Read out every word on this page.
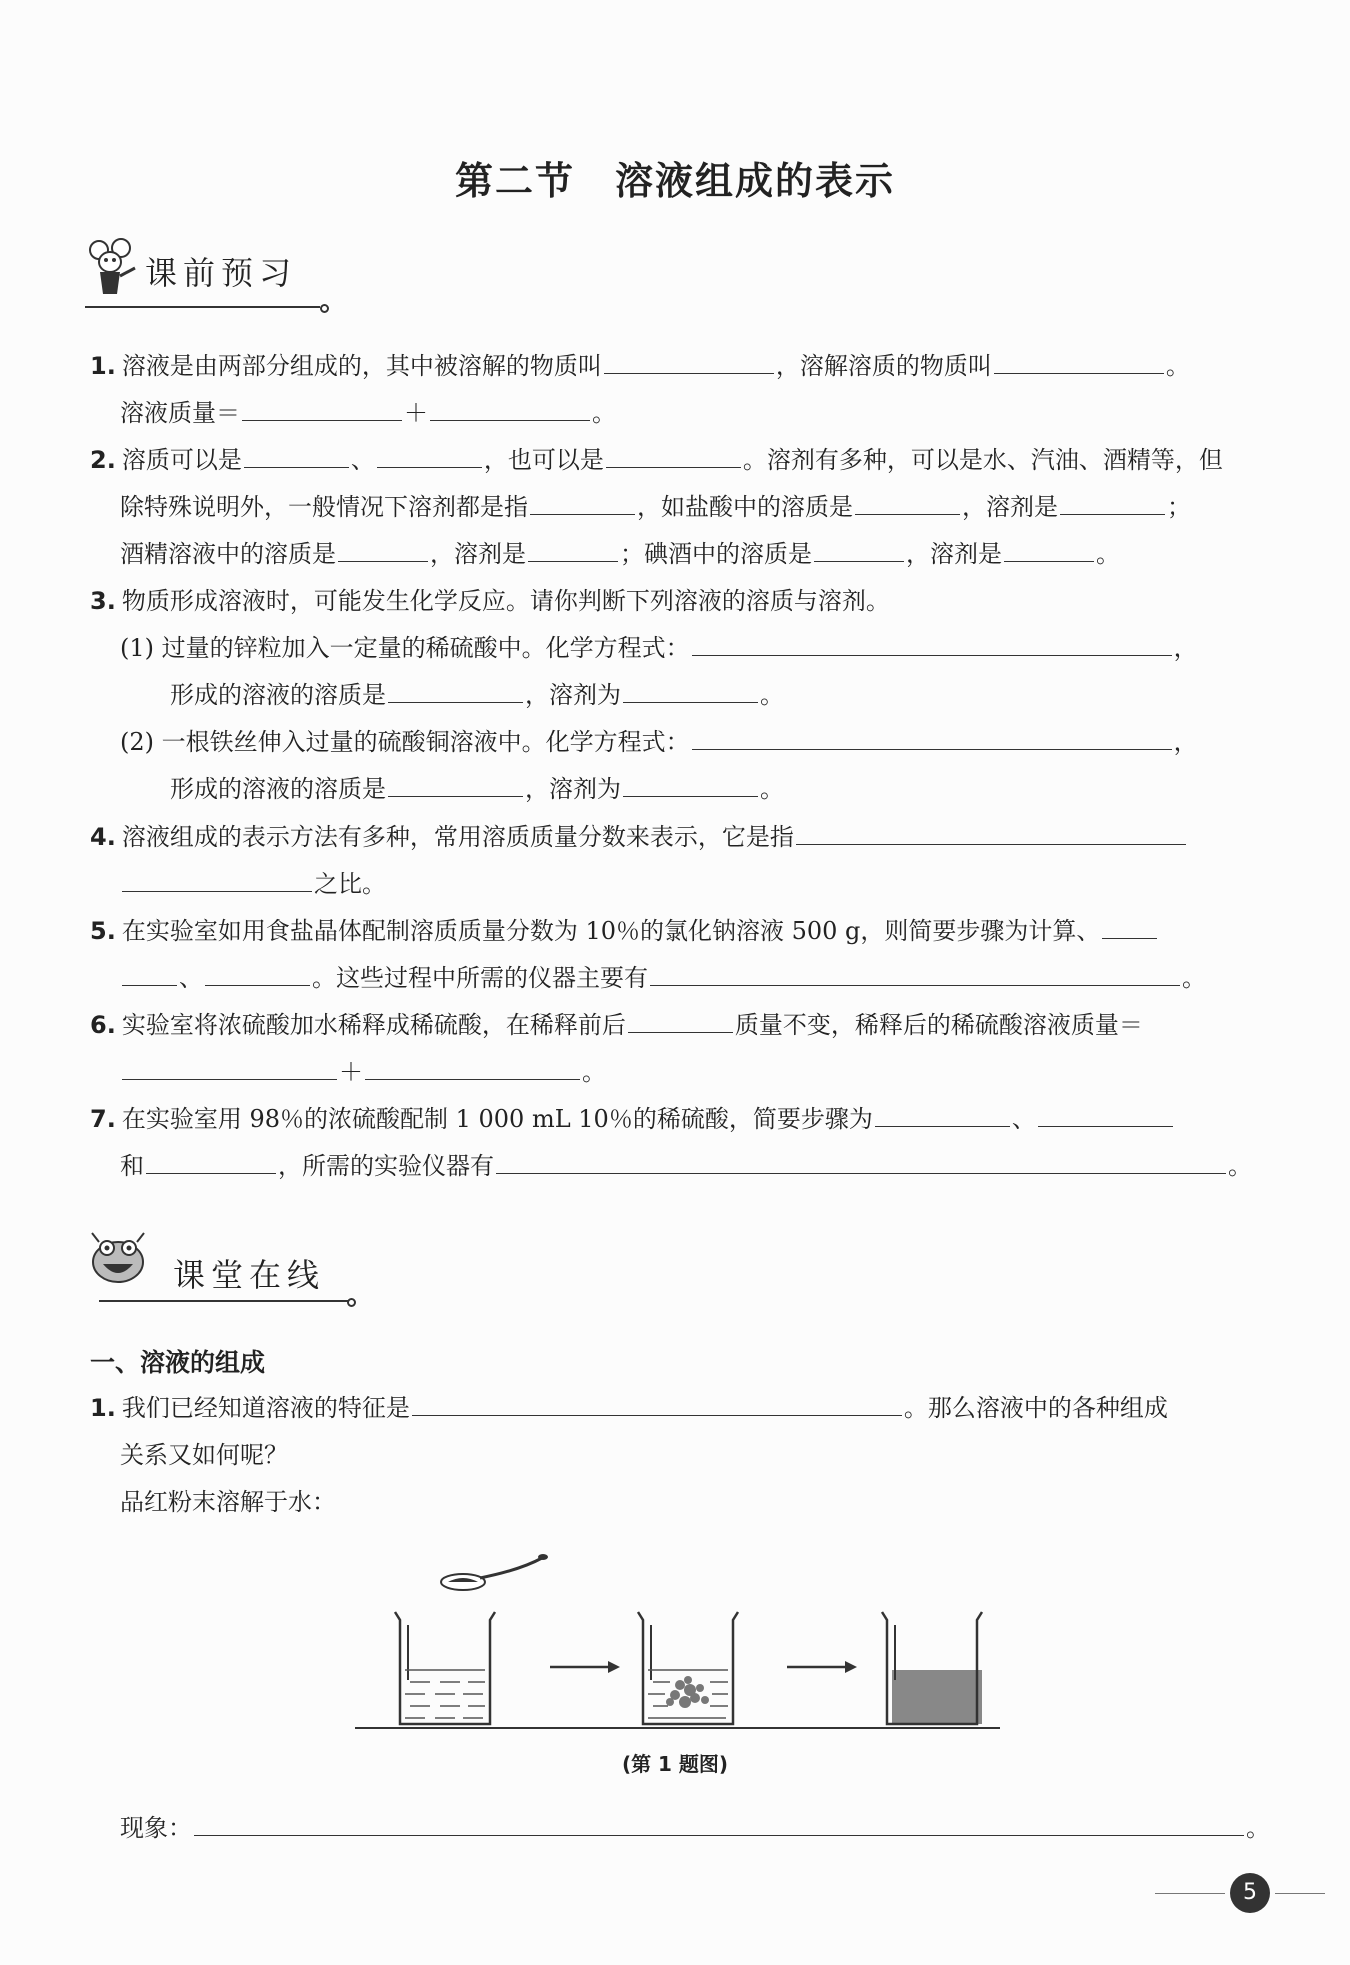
第二节 溶液组成的表示
课前预习
1. 溶液是由两部分组成的，其中被溶解的物质叫	，溶解溶质的物质叫	。
溶液质量＝	＋	。
2. 溶质可以是	、	，也可以是	。溶剂有多种，可以是水、汽油、酒精等，但
除特殊说明外，一般情况下溶剂都是指	，如盐酸中的溶质是	，溶剂是	；
酒精溶液中的溶质是	，溶剂是	；碘酒中的溶质是	，溶剂是	。
3. 物质形成溶液时，可能发生化学反应。请你判断下列溶液的溶质与溶剂。
(1) 过量的锌粒加入一定量的稀硫酸中。化学方程式：	，
形成的溶液的溶质是	，溶剂为	。
(2) 一根铁丝伸入过量的硫酸铜溶液中。化学方程式：	，
形成的溶液的溶质是	，溶剂为	。
4. 溶液组成的表示方法有多种，常用溶质质量分数来表示，它是指
之比。
5. 在实验室如用食盐晶体配制溶质质量分数为 10％的氯化钠溶液 500 g，则简要步骤为计算、
、	。这些过程中所需的仪器主要有	。
6. 实验室将浓硫酸加水稀释成稀硫酸，在稀释前后	质量不变，稀释后的稀硫酸溶液质量＝
＋	。
7. 在实验室用 98％的浓硫酸配制 1 000 mL 10％的稀硫酸，简要步骤为	、
和	，所需的实验仪器有	。
课堂在线
一、溶液的组成
1. 我们已经知道溶液的特征是	。那么溶液中的各种组成
关系又如何呢？
品红粉末溶解于水：
(第 1 题图)
现象：	。
5
